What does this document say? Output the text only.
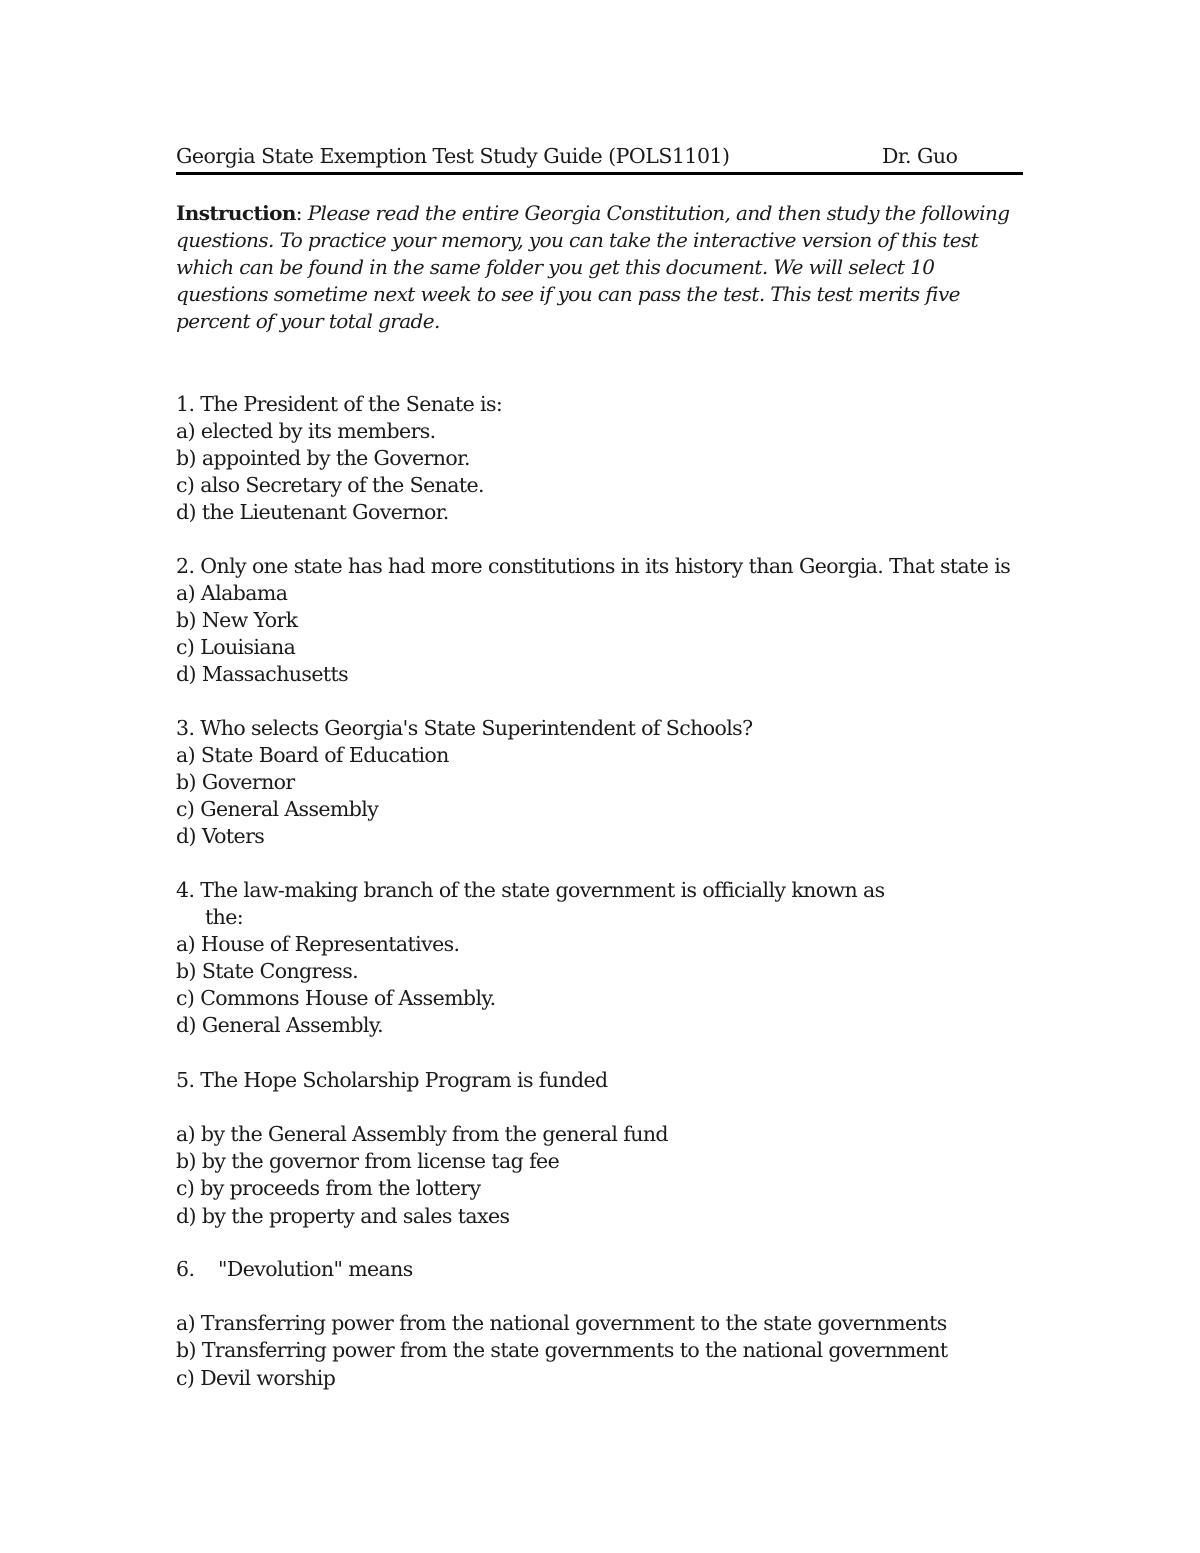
Georgia State Exemption Test Study Guide (POLS1101)	Dr. Guo
Instruction: Please read the entire Georgia Constitution, and then study the following questions. To practice your memory, you can take the interactive version of this test which can be found in the same folder you get this document. We will select 10 questions sometime next week to see if you can pass the test. This test merits five percent of your total grade.
1. The President of the Senate is:
a) elected by its members.
b) appointed by the Governor.
c) also Secretary of the Senate.
d) the Lieutenant Governor.
2. Only one state has had more constitutions in its history than Georgia. That state is
a) Alabama
b) New York
c) Louisiana
d) Massachusetts
3. Who selects Georgia's State Superintendent of Schools?
a) State Board of Education
b) Governor
c) General Assembly
d) Voters
4. The law-making branch of the state government is officially known as
the:
a) House of Representatives.
b) State Congress.
c) Commons House of Assembly.
d) General Assembly.
5. The Hope Scholarship Program is funded
a) by the General Assembly from the general fund
b) by the governor from license tag fee
c) by proceeds from the lottery
d) by the property and sales taxes
6.    "Devolution" means
a) Transferring power from the national government to the state governments
b) Transferring power from the state governments to the national government
c) Devil worship
